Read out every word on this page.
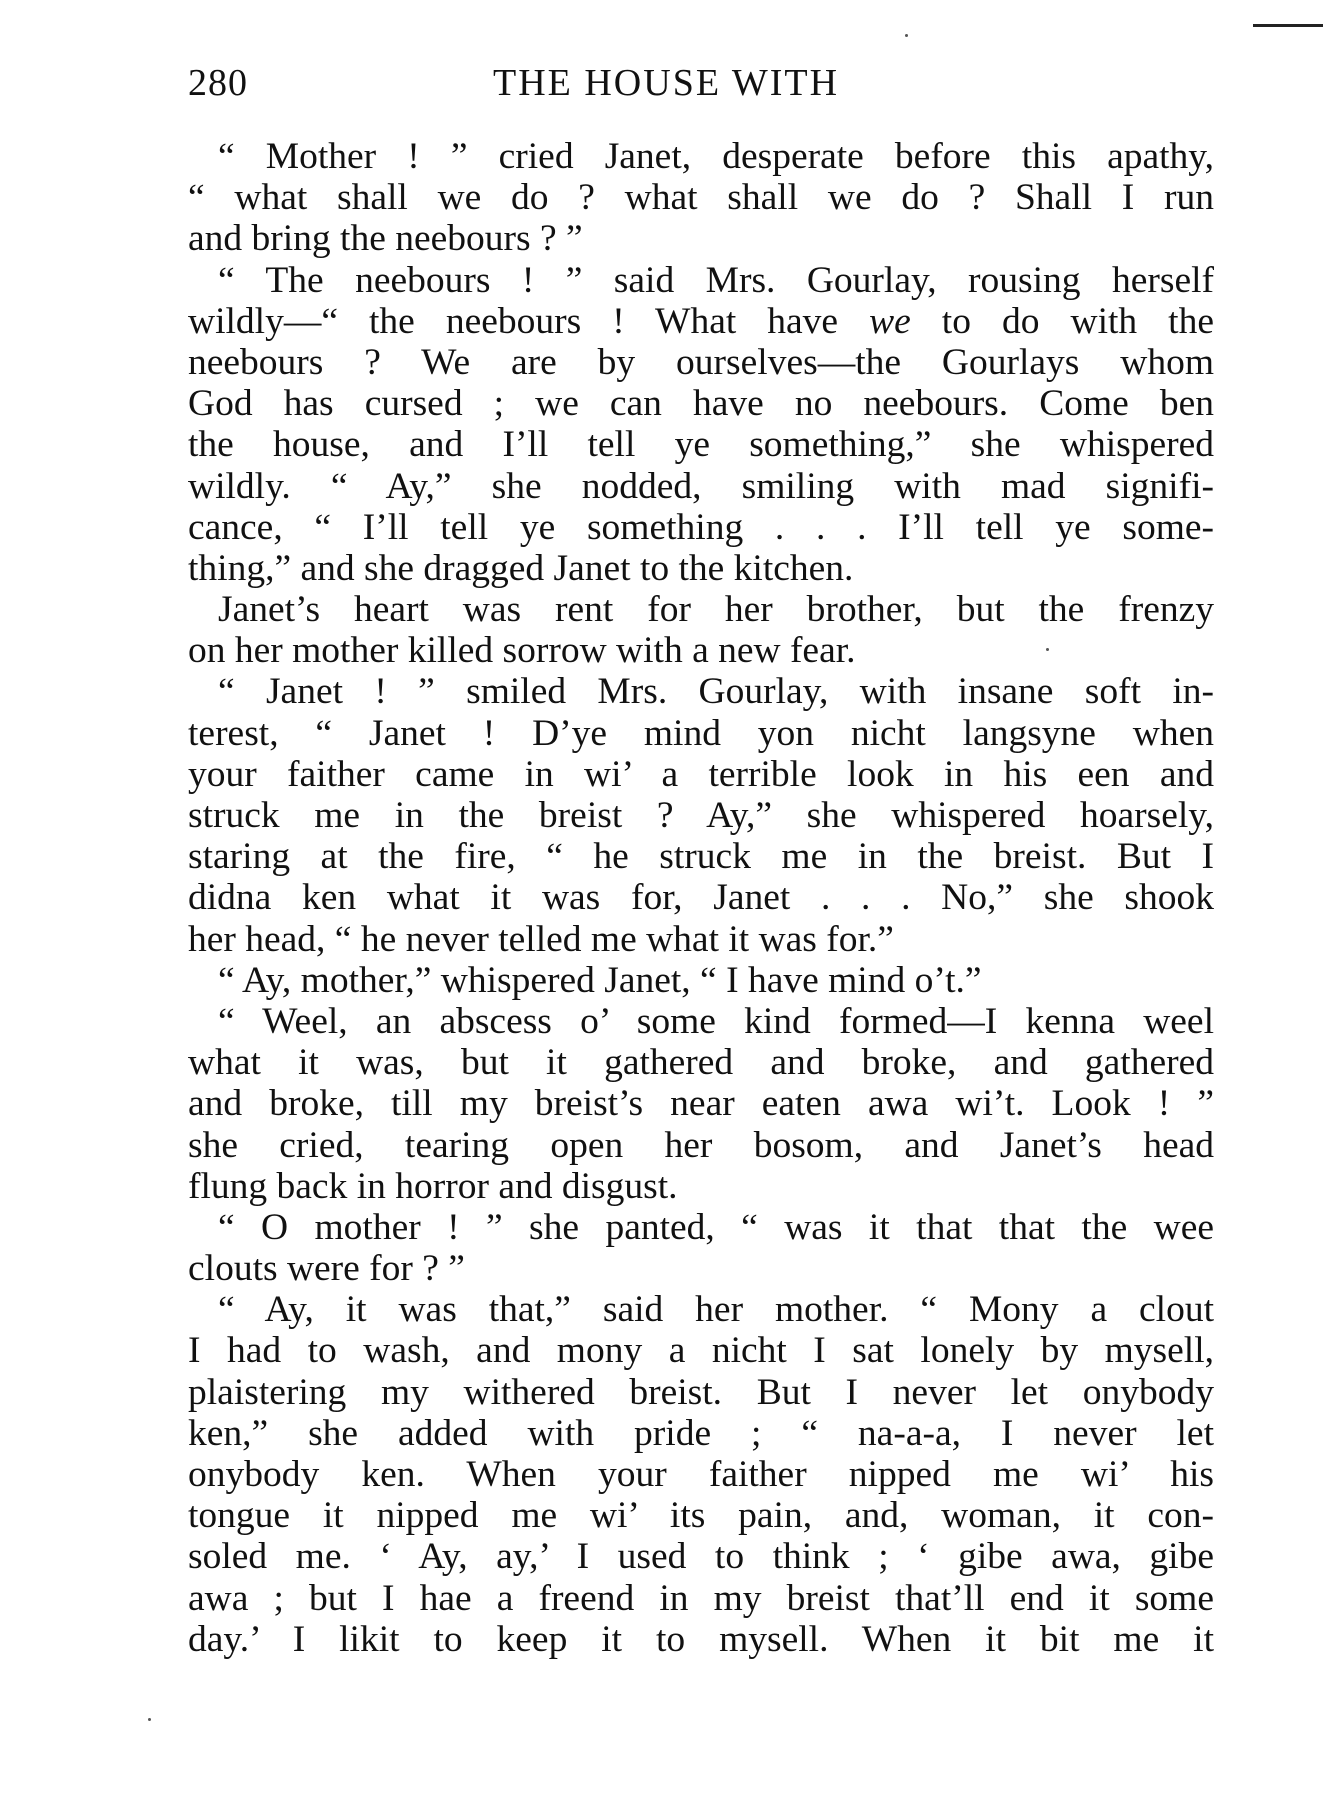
280	THE HOUSE WITH
“ Mother ! ” cried Janet, desperate before this apathy,
“ what shall we do ? what shall we do ? Shall I run
and bring the neebours ? ”
“ The neebours ! ” said Mrs. Gourlay, rousing herself
wildly—“ the neebours ! What have we to do with the
neebours ? We are by ourselves—the Gourlays whom
God has cursed ; we can have no neebours. Come ben
the house, and I’ll tell ye something,” she whispered
wildly. “ Ay,” she nodded, smiling with mad signifi-
cance, “ I’ll tell ye something . . . I’ll tell ye some-
thing,” and she dragged Janet to the kitchen.
Janet’s heart was rent for her brother, but the frenzy
on her mother killed sorrow with a new fear.
“ Janet ! ” smiled Mrs. Gourlay, with insane soft in-
terest, “ Janet ! D’ye mind yon nicht langsyne when
your faither came in wi’ a terrible look in his een and
struck me in the breist ? Ay,” she whispered hoarsely,
staring at the fire, “ he struck me in the breist. But I
didna ken what it was for, Janet . . . No,” she shook
her head, “ he never telled me what it was for.”
“ Ay, mother,” whispered Janet, “ I have mind o’t.”
“ Weel, an abscess o’ some kind formed—I kenna weel
what it was, but it gathered and broke, and gathered
and broke, till my breist’s near eaten awa wi’t. Look ! ”
she cried, tearing open her bosom, and Janet’s head
flung back in horror and disgust.
“ O mother ! ” she panted, “ was it that that the wee
clouts were for ? ”
“ Ay, it was that,” said her mother. “ Mony a clout
I had to wash, and mony a nicht I sat lonely by mysell,
plaistering my withered breist. But I never let onybody
ken,” she added with pride ; “ na-a-a, I never let
onybody ken. When your faither nipped me wi’ his
tongue it nipped me wi’ its pain, and, woman, it con-
soled me. ‘ Ay, ay,’ I used to think ; ‘ gibe awa, gibe
awa ; but I hae a freend in my breist that’ll end it some
day.’ I likit to keep it to mysell. When it bit me it
